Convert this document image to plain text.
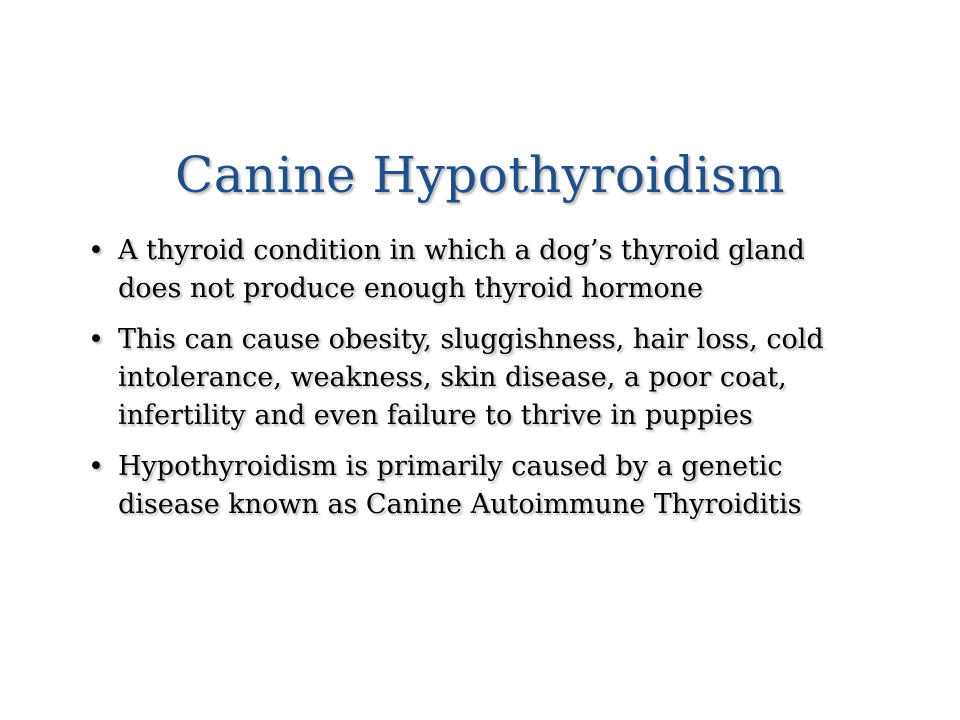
Canine Hypothyroidism
• A thyroid condition in which a dog’s thyroid gland does not produce enough thyroid hormone
• This can cause obesity, sluggishness, hair loss, cold intolerance, weakness, skin disease, a poor coat, infertility and even failure to thrive in puppies
• Hypothyroidism is primarily caused by a genetic disease known as Canine Autoimmune Thyroiditis
